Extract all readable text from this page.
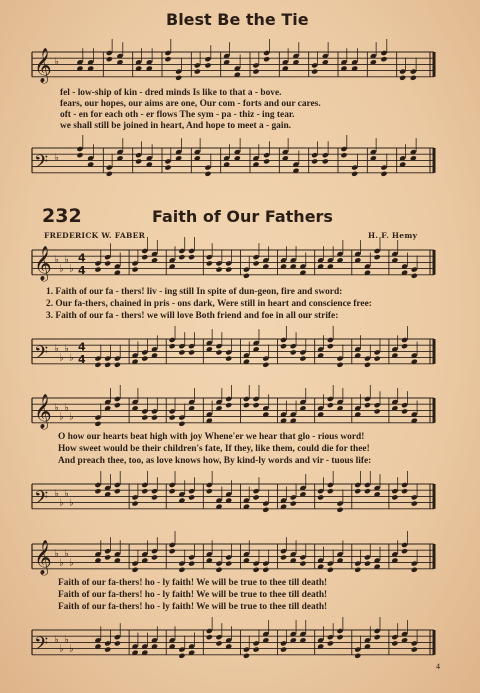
Blest Be the Tie
𝄞 ♭
fel - low-ship of kin - dred minds Is like to that a - bove.
fears, our hopes, our aims are one, Our com - forts and our cares.
oft - en for each oth - er flows The sym - pa - thiz - ing tear.
we shall still be joined in heart, And hope to meet a - gain.
𝄢 ♭
232	Faith of Our Fathers
FREDERICK W. FABER	H. F. Hemy
𝄞 ♭
♭
♭
♭
4
4
1. Faith of our fa - thers! liv - ing still In spite of dun-geon, fire and sword:
2. Our fa-thers, chained in pris - ons dark, Were still in heart and conscience free:
3. Faith of our fa - thers! we will love Both friend and foe in all our strife:
𝄢 ♭
♭
♭
♭
4
4
𝄞 ♭
♭
♭
♭
O how our hearts beat high with joy Whene'er we hear that glo - rious word!
How sweet would be their children's fate, If they, like them, could die for thee!
And preach thee, too, as love knows how, By kind-ly words and vir - tuous life:
𝄢 ♭
♭
♭
♭
𝄞 ♭
♭
♭
♭
Faith of our fa-thers! ho - ly faith! We will be true to thee till death!
Faith of our fa-thers! ho - ly faith! We will be true to thee till death!
Faith of our fa-thers! ho - ly faith! We will be true to thee till death!
𝄢 ♭
♭
♭
♭
4
